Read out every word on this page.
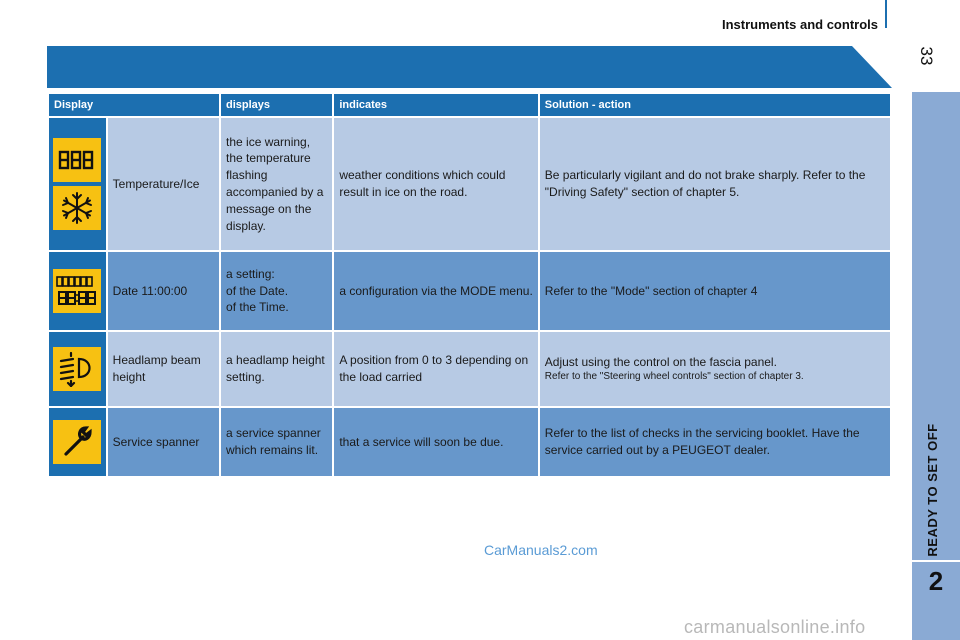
Instruments and controls
33
READY TO SET OFF
2
Display		displays	indicates	Solution - action

	Temperature/Ice	the ice warning, the temperature flashing accompanied by a message on the display.	weather conditions which could result in ice on the road.	Be particularly vigilant and do not brake sharply. Refer to the "Driving Safety" section of chapter 5.

	Date 11:00:00	a setting:
of the Date.
of the Time.	a configuration via the MODE menu.	Refer to the "Mode" section of chapter 4

	Headlamp beam height	a headlamp height setting.	A position from 0 to 3 depending on the load carried	Adjust using the control on the fascia panel.
Refer to the "Steering wheel controls" section of chapter 3.

	Service spanner	a service spanner which remains lit.	that a service will soon be due.	Refer to the list of checks in the servicing booklet. Have the service carried out by a PEUGEOT dealer.
CarManuals2.com
carmanualsonline.info
